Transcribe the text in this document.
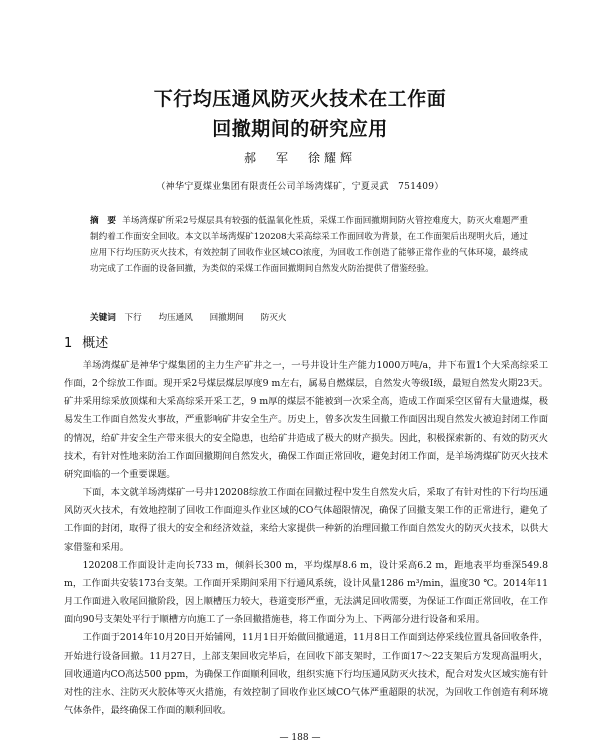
下行均压通风防灭火技术在工作面
回撤期间的研究应用
郝　军　徐耀辉
（神华宁夏煤业集团有限责任公司羊场湾煤矿，宁夏灵武　751409）
摘　要 羊场湾煤矿所采2号煤层具有较强的低温氧化性质，采煤工作面回撤期间防火管控难度大，防灭火难题严重制约着工作面安全回收。本文以羊场湾煤矿120208大采高综采工作面回收为背景，在工作面架后出现明火后，通过应用下行均压防灭火技术，有效控制了回收作业区域CO浓度，为回收工作创造了能够正常作业的气体环境，最终成功完成了工作面的设备回撤，为类似的采煤工作面回撤期间自然发火防治提供了借鉴经验。
关键词 下行 均压通风 回撤期间 防灭火
1 概述

羊场湾煤矿是神华宁煤集团的主力生产矿井之一，一号井设计生产能力1000万吨/a，井下布置1个大采高综采工作面，2个综放工作面。现开采2号煤层煤层厚度9 m左右，属易自燃煤层，自然发火等级Ⅰ级，最短自然发火期23天。矿井采用综采放顶煤和大采高综采开采工艺，9 m厚的煤层不能被到一次采全高，造成工作面采空区留有大量遗煤，极易发生工作面自然发火事故，严重影响矿井安全生产。历史上，曾多次发生回撤工作面因出现自然发火被迫封闭工作面的情况，给矿井安全生产带来很大的安全隐患，也给矿井造成了极大的财产损失。因此，积极探索新的、有效的防灭火技术，有针对性地来防治工作面回撤期间自然发火，确保工作面正常回收，避免封闭工作面，是羊场湾煤矿防灭火技术研究面临的一个重要课题。

下面，本文就羊场湾煤矿一号井120208综放工作面在回撤过程中发生自然发火后，采取了有针对性的下行均压通风防灭火技术，有效地控制了回收工作面迎头作业区域的CO气体超限情况，确保了回撤支架工作的正常进行，避免了工作面的封闭，取得了很大的安全和经济效益，来给大家提供一种新的治理回撤工作面自然发火的防灭火技术，以供大家借鉴和采用。

120208工作面设计走向长733 m，倾斜长300 m，平均煤厚8.6 m，设计采高6.2 m，距地表平均垂深549.8 m，工作面共安装173台支架。工作面开采期间采用下行通风系统，设计风量1286 m³/min，温度30 ℃。2014年11月工作面进入收尾回撤阶段，因上顺槽压力较大，巷道变形严重，无法满足回收需要，为保证工作面正常回收，在工作面向90号支架处平行于顺槽方向施工了一条回撤措施巷，将工作面分为上、下两部分进行设备和采用。

工作面于2014年10月20日开始铺网，11月1日开始做回撤通道，11月8日工作面到达停采线位置具备回收条件，开始进行设备回撤。11月27日，上部支架回收完毕后，在回收下部支架时，工作面17～22支架后方发现高温明火，回收通道内CO高达500 ppm，为确保工作面顺利回收，组织实施下行均压通风防灭火技术，配合对发火区域实施有针对性的注水、注防灭火胶体等灭火措施，有效控制了回收作业区域CO气体严重超限的状况，为回收工作创造有利环境气体条件，最终确保工作面的顺利回收。

— 188 —
